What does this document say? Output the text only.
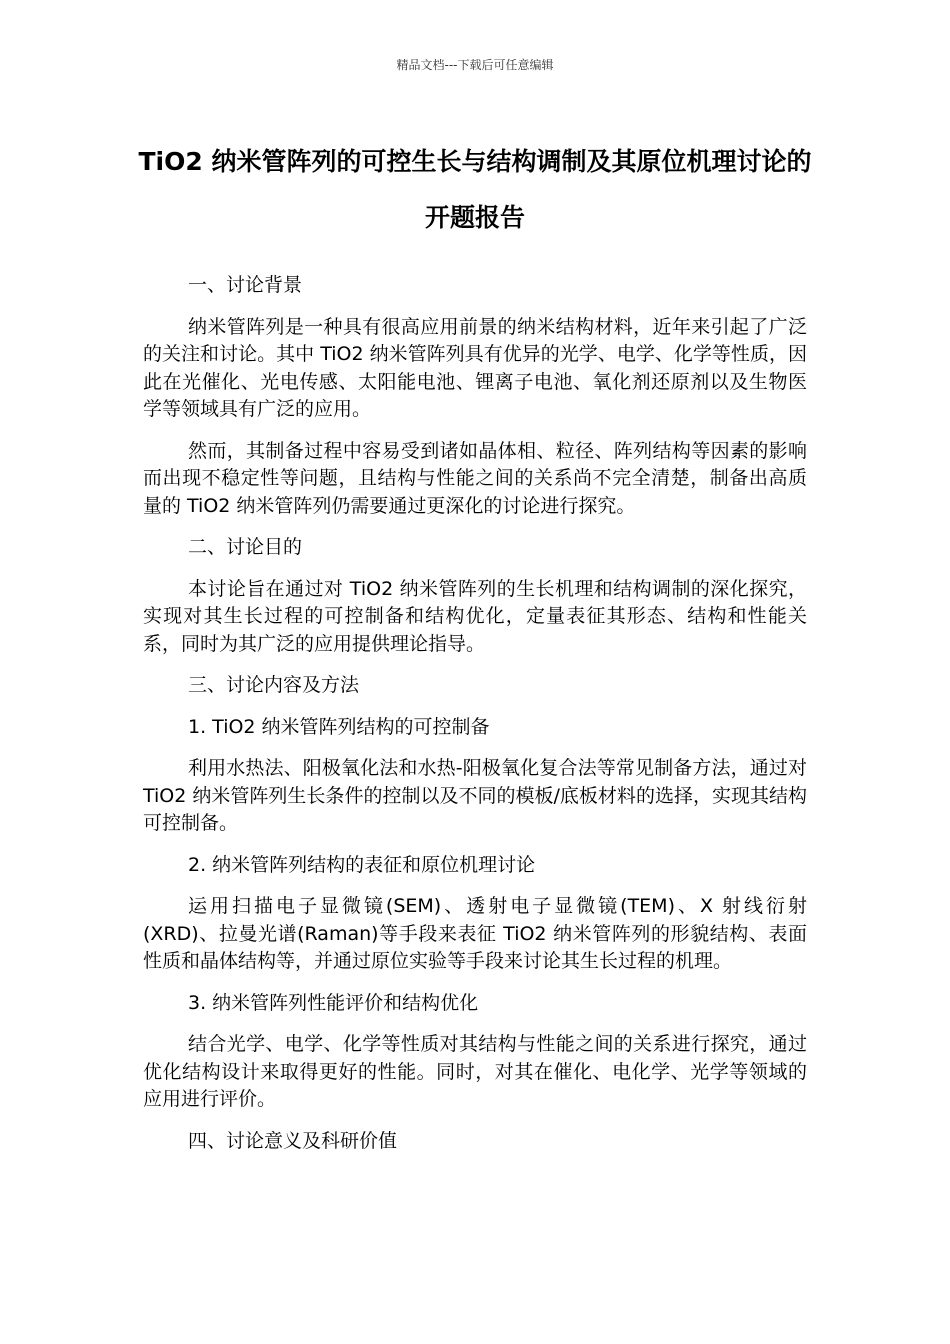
精品文档---下载后可任意编辑
TiO2 纳米管阵列的可控生长与结构调制及其原位机理讨论的开题报告

一、讨论背景

纳米管阵列是一种具有很高应用前景的纳米结构材料，近年来引起了广泛的关注和讨论。其中 TiO2 纳米管阵列具有优异的光学、电学、化学等性质，因此在光催化、光电传感、太阳能电池、锂离子电池、氧化剂还原剂以及生物医学等领域具有广泛的应用。

然而，其制备过程中容易受到诸如晶体相、粒径、阵列结构等因素的影响而出现不稳定性等问题，且结构与性能之间的关系尚不完全清楚，制备出高质量的 TiO2 纳米管阵列仍需要通过更深化的讨论进行探究。

二、讨论目的

本讨论旨在通过对 TiO2 纳米管阵列的生长机理和结构调制的深化探究，实现对其生长过程的可控制备和结构优化，定量表征其形态、结构和性能关系，同时为其广泛的应用提供理论指导。

三、讨论内容及方法

1. TiO2 纳米管阵列结构的可控制备

利用水热法、阳极氧化法和水热-阳极氧化复合法等常见制备方法，通过对 TiO2 纳米管阵列生长条件的控制以及不同的模板/底板材料的选择，实现其结构可控制备。

2. 纳米管阵列结构的表征和原位机理讨论

运用扫描电子显微镜(SEM)、透射电子显微镜(TEM)、X 射线衍射(XRD)、拉曼光谱(Raman)等手段来表征 TiO2 纳米管阵列的形貌结构、表面性质和晶体结构等，并通过原位实验等手段来讨论其生长过程的机理。

3. 纳米管阵列性能评价和结构优化

结合光学、电学、化学等性质对其结构与性能之间的关系进行探究，通过优化结构设计来取得更好的性能。同时，对其在催化、电化学、光学等领域的应用进行评价。

四、讨论意义及科研价值
